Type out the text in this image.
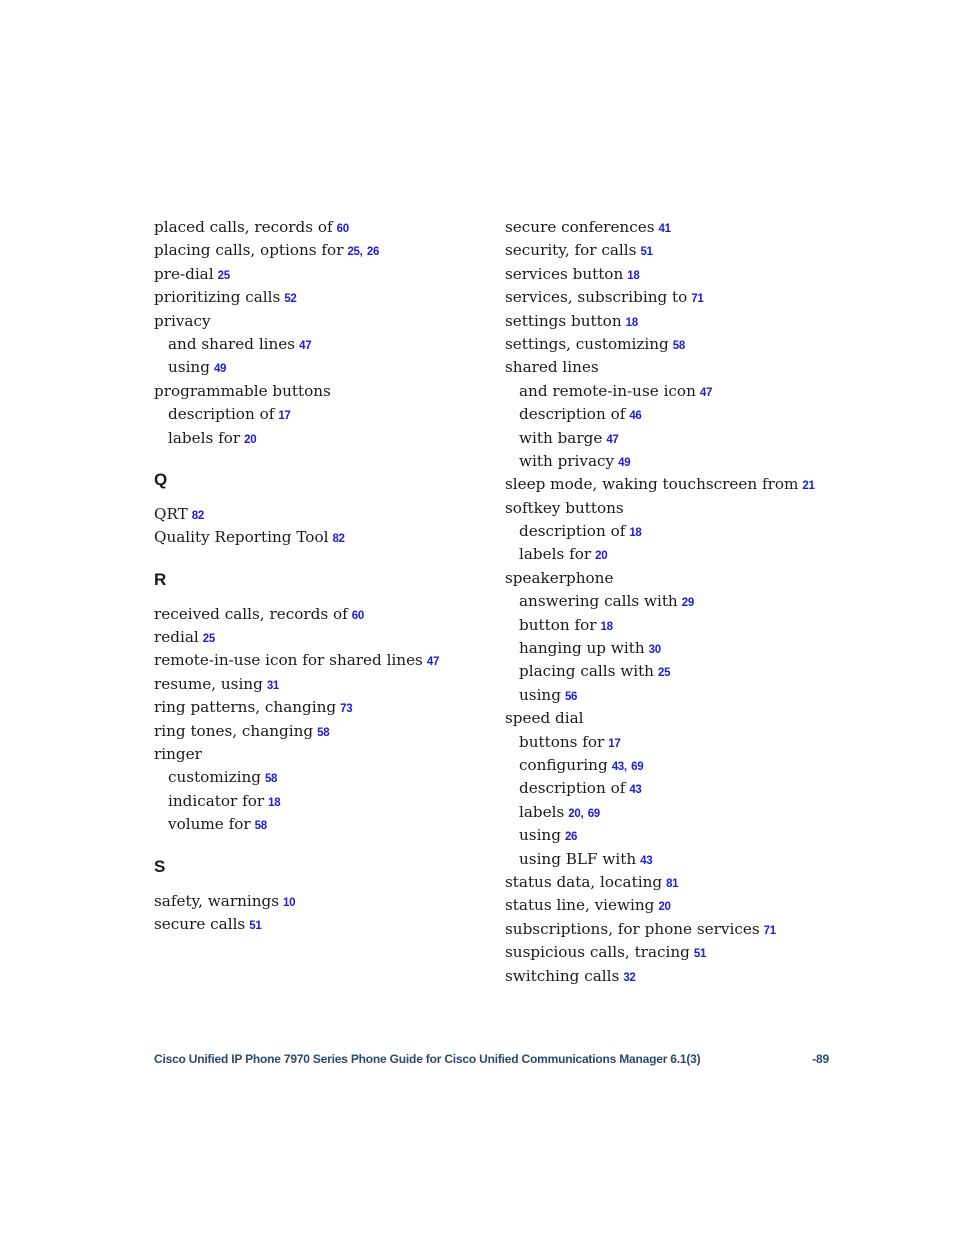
placed calls, records of 60
placing calls, options for 25, 26
pre-dial 25
prioritizing calls 52
privacy
and shared lines 47
using 49
programmable buttons
description of 17
labels for 20
Q
QRT 82
Quality Reporting Tool 82
R
received calls, records of 60
redial 25
remote-in-use icon for shared lines 47
resume, using 31
ring patterns, changing 73
ring tones, changing 58
ringer
customizing 58
indicator for 18
volume for 58
S
safety, warnings 10
secure calls 51
secure conferences 41
security, for calls 51
services button 18
services, subscribing to 71
settings button 18
settings, customizing 58
shared lines
and remote-in-use icon 47
description of 46
with barge 47
with privacy 49
sleep mode, waking touchscreen from 21
softkey buttons
description of 18
labels for 20
speakerphone
answering calls with 29
button for 18
hanging up with 30
placing calls with 25
using 56
speed dial
buttons for 17
configuring 43, 69
description of 43
labels 20, 69
using 26
using BLF with 43
status data, locating 81
status line, viewing 20
subscriptions, for phone services 71
suspicious calls, tracing 51
switching calls 32
Cisco Unified IP Phone 7970 Series Phone Guide for Cisco Unified Communications Manager 6.1(3)	-89
